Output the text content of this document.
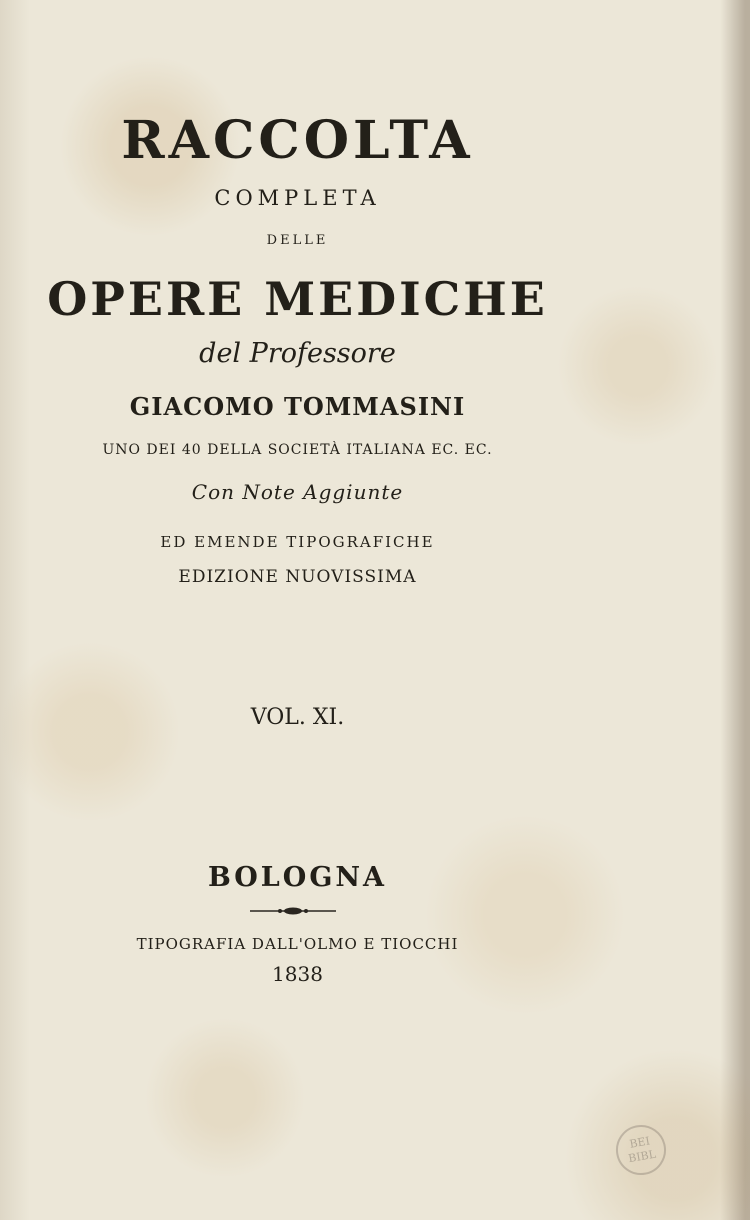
RACCOLTA
COMPLETA
DELLE
OPERE MEDICHE
del Professore
GIACOMO TOMMASINI
UNO DEI 40 DELLA SOCIETÀ ITALIANA EC. EC.
Con Note Aggiunte
ED EMENDE TIPOGRAFICHE
EDIZIONE NUOVISSIMA
VOL. XI.
BOLOGNA
TIPOGRAFIA DALL'OLMO E TIOCCHI
1838
BEI BIBL
